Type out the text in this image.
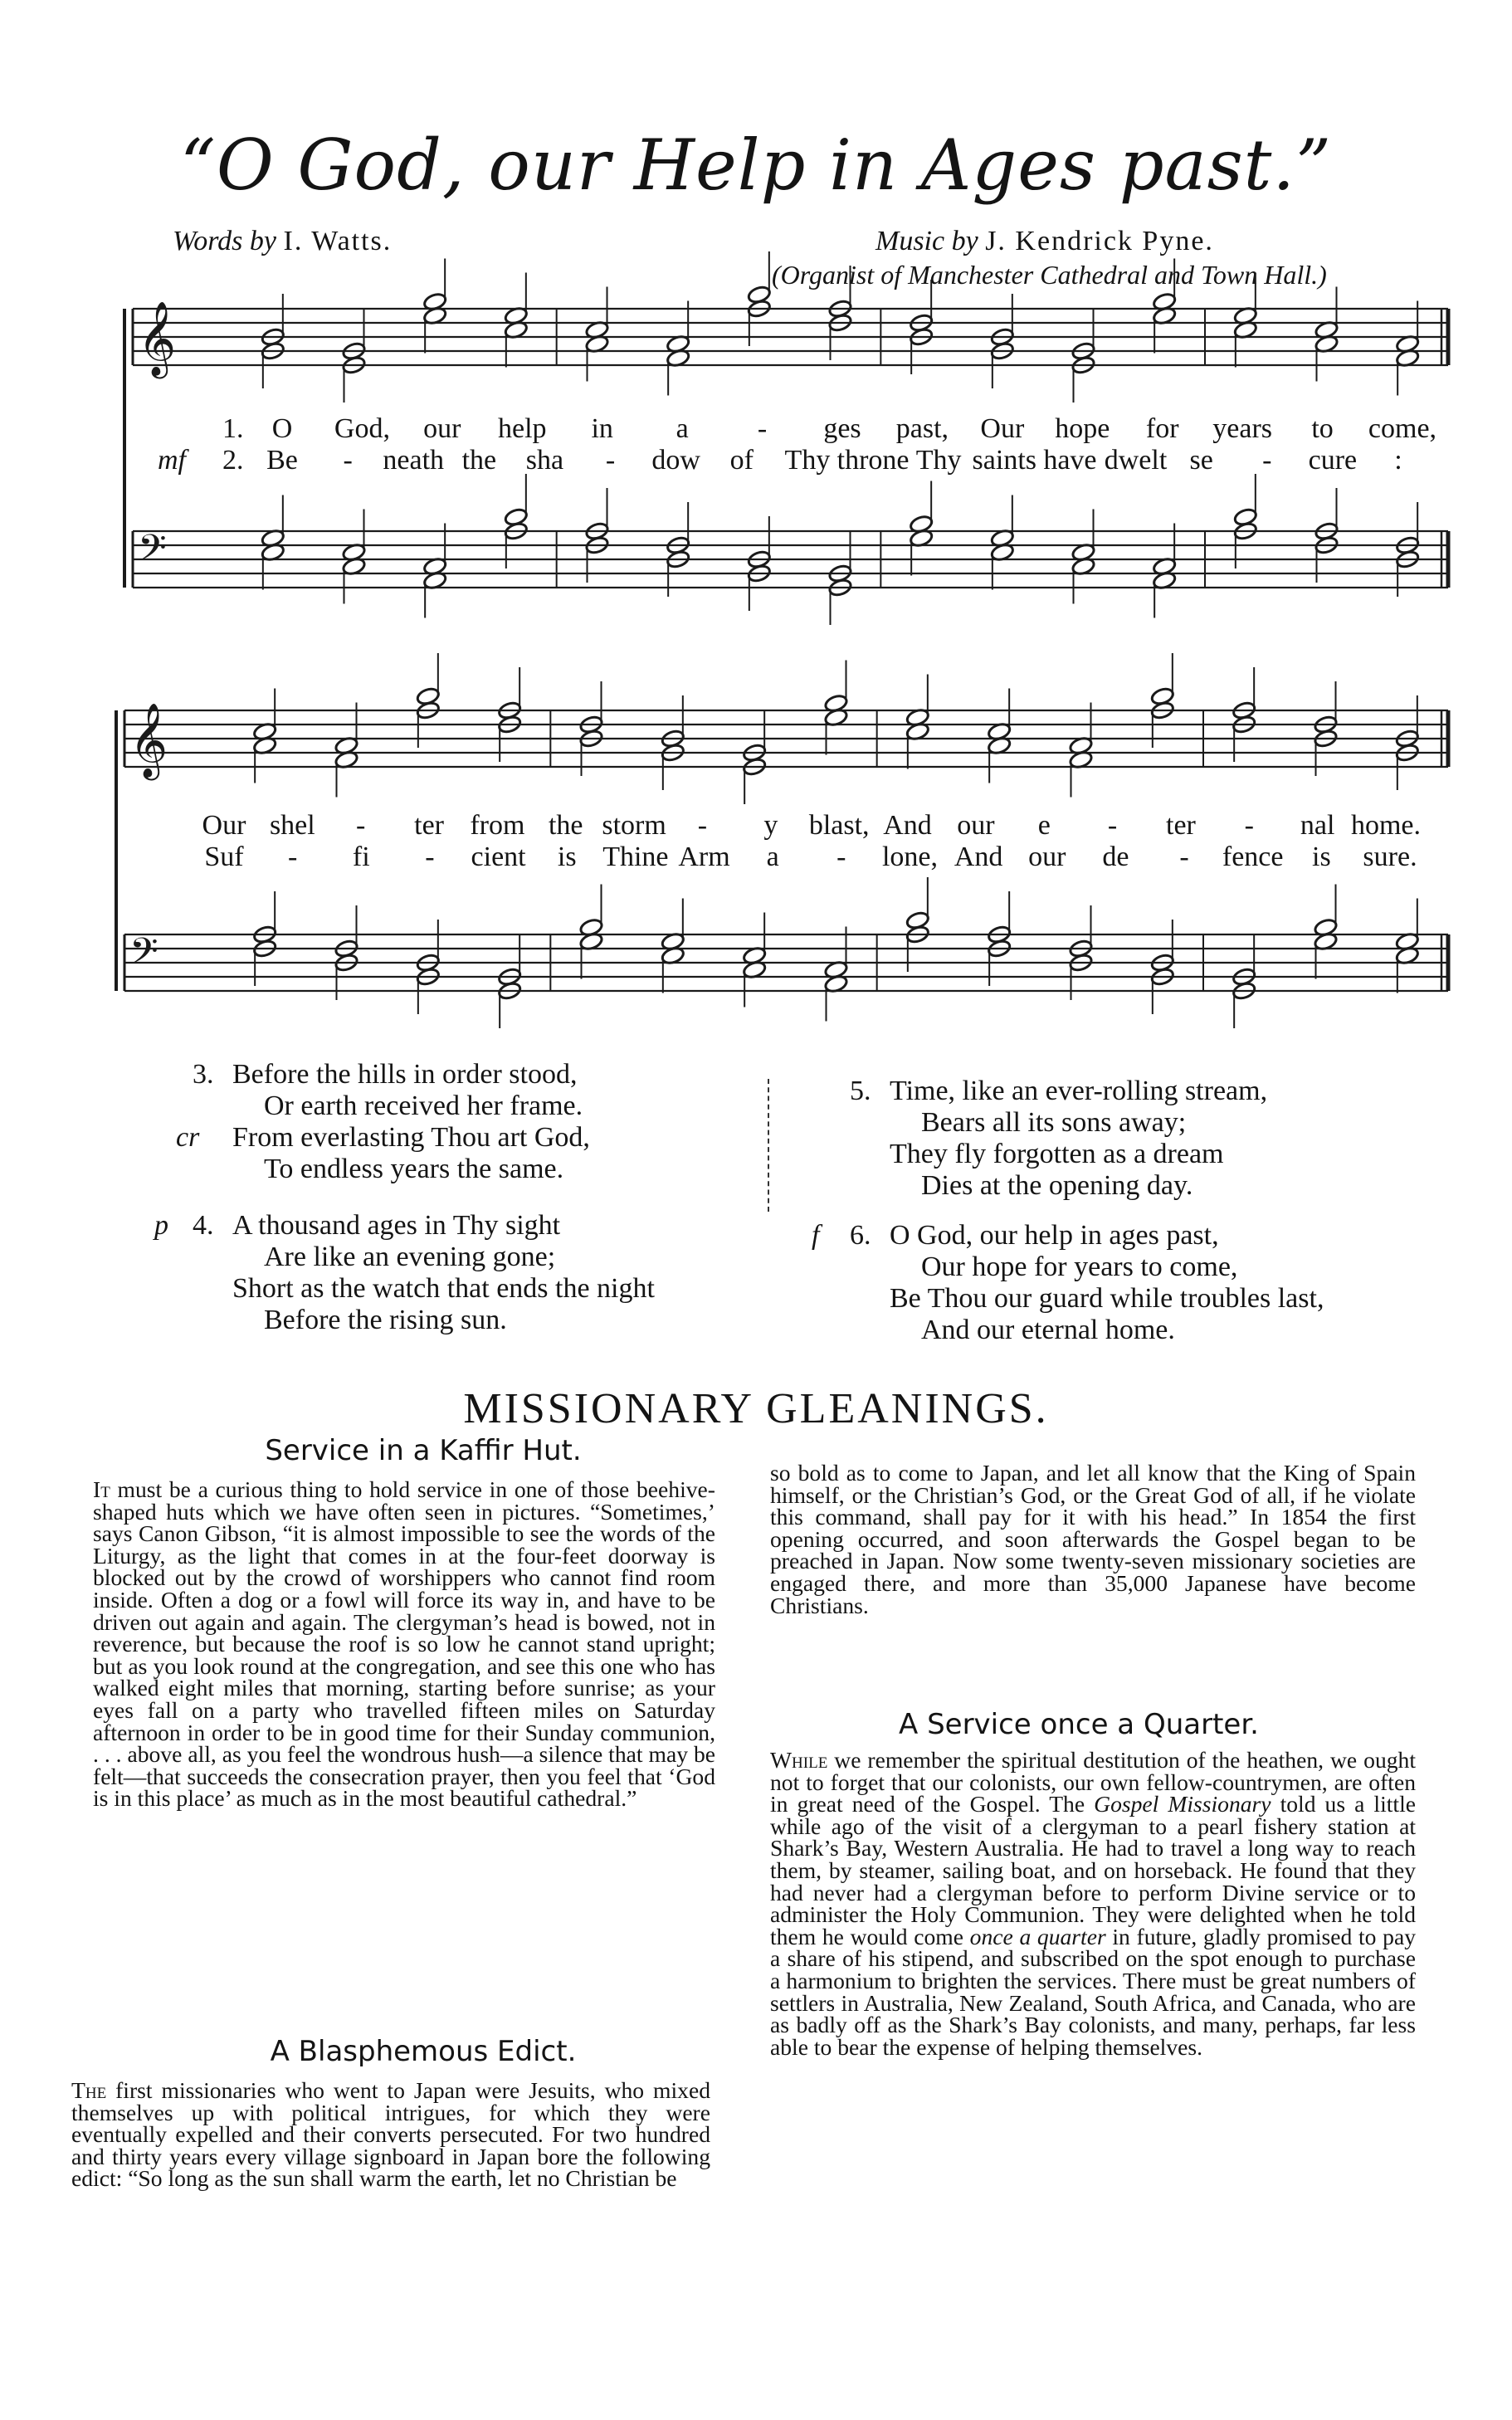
“O God, our Help in Ages past.”
Words by I. Watts.	Music by J. Kendrick Pyne.
(Organist of Manchester Cathedral and Town Hall.)
𝄞
𝄢
𝄞
𝄢
1.
mf 2.
O God, our help in a - ges past, Our hope for years to come,
Be - neath the sha - dow of Thy throne Thy saints have dwelt se - cure :
Our shel - ter from the storm - y blast, And our e - ter - nal home.
Suf - fi - cient is Thine Arm a - lone, And our de - fence is sure.
3.
cr
Before the hills in order stood,
Or earth received her frame.
From everlasting Thou art God,
To endless years the same.
4.
p A thousand ages in Thy sight
Are like an evening gone;
Short as the watch that ends the night
Before the rising sun.
5. Time, like an ever-rolling stream,
Bears all its sons away;
They fly forgotten as a dream
Dies at the opening day.
6.
f O God, our help in ages past,
Our hope for years to come,
Be Thou our guard while troubles last,
And our eternal home.
MISSIONARY GLEANINGS.
Service in a Kaffir Hut.

It must be a curious thing to hold service in one of those beehive-shaped huts which we have often seen in pictures. “Sometimes,’ says Canon Gibson, “it is almost impossible to see the words of the Liturgy, as the light that comes in at the four-feet doorway is blocked out by the crowd of worshippers who cannot find room inside. Often a dog or a fowl will force its way in, and have to be driven out again and again. The clergyman’s head is bowed, not in reverence, but because the roof is so low he cannot stand upright; but as you look round at the congregation, and see this one who has walked eight miles that morning, starting before sunrise; as your eyes fall on a party who travelled fifteen miles on Saturday afternoon in order to be in good time for their Sunday communion, . . . above all, as you feel the wondrous hush—a silence that may be felt—that succeeds the consecration prayer, then you feel that ‘God is in this place’ as much as in the most beautiful cathedral.”

A Blasphemous Edict.

The first missionaries who went to Japan were Jesuits, who mixed themselves up with political intrigues, for which they were eventually expelled and their converts persecuted. For two hundred and thirty years every village signboard in Japan bore the following edict: “So long as the sun shall warm the earth, let no Christian be

so bold as to come to Japan, and let all know that the King of Spain himself, or the Christian’s God, or the Great God of all, if he violate this command, shall pay for it with his head.” In 1854 the first opening occurred, and soon afterwards the Gospel began to be preached in Japan. Now some twenty-seven missionary societies are engaged there, and more than 35,000 Japanese have become Christians.
A Service once a Quarter.

While we remember the spiritual destitution of the heathen, we ought not to forget that our colonists, our own fellow-countrymen, are often in great need of the Gospel. The Gospel Missionary told us a little while ago of the visit of a clergyman to a pearl fishery station at Shark’s Bay, Western Australia. He had to travel a long way to reach them, by steamer, sailing boat, and on horseback. He found that they had never had a clergyman before to perform Divine service or to administer the Holy Communion. They were delighted when he told them he would come once a quarter in future, gladly promised to pay a share of his stipend, and subscribed on the spot enough to purchase a harmonium to brighten the services. There must be great numbers of settlers in Australia, New Zealand, South Africa, and Canada, who are as badly off as the Shark’s Bay colonists, and many, perhaps, far less able to bear the expense of helping themselves.
